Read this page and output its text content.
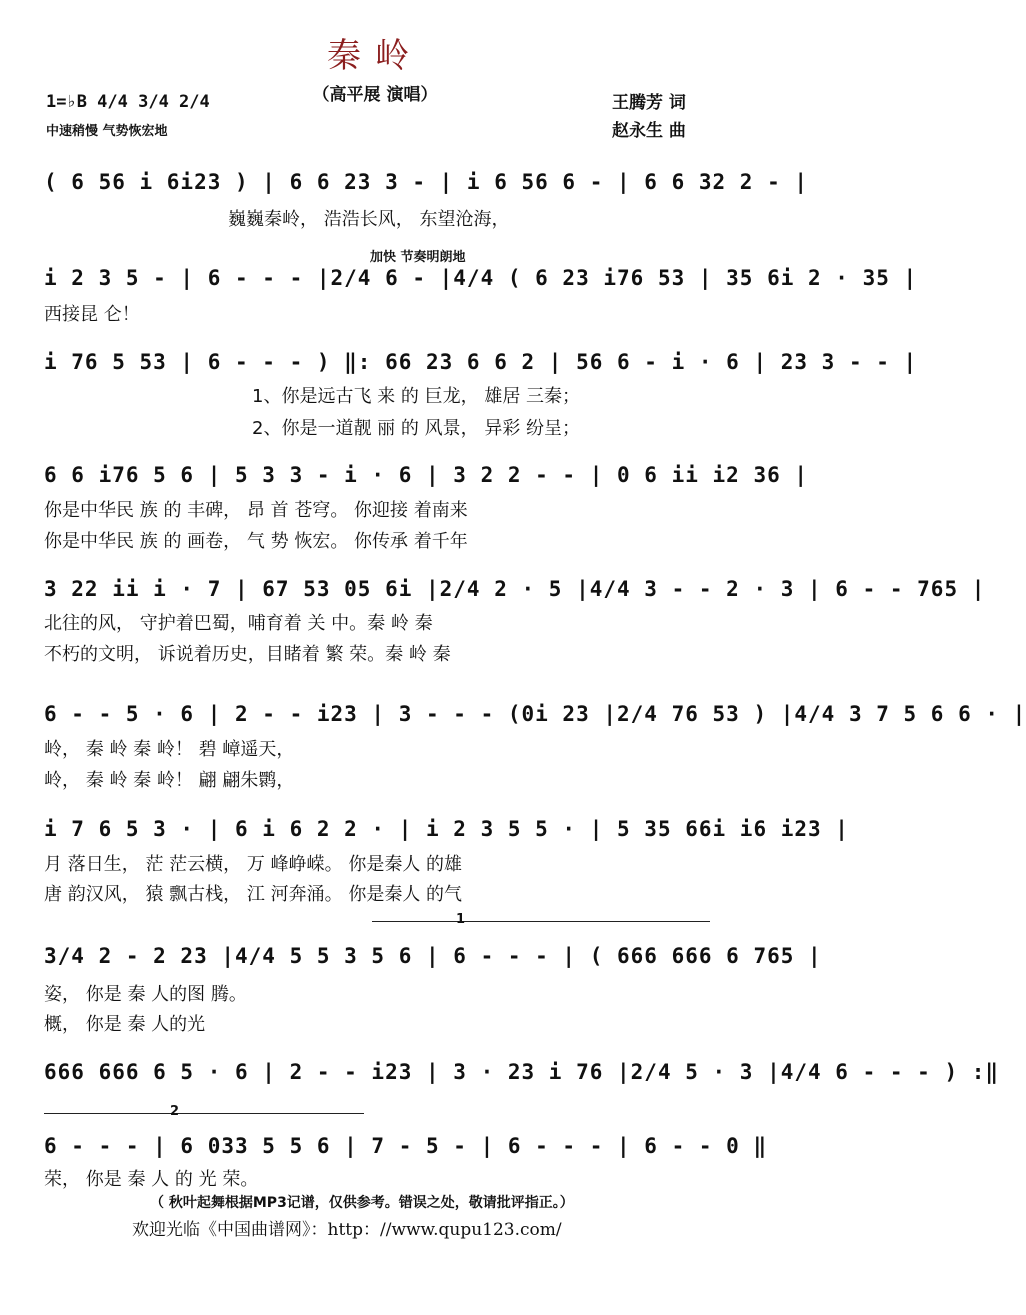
秦岭
（高平展 演唱）
1=♭B 4/4 3/4 2/4
中速稍慢 气势恢宏地
王腾芳 词
赵永生 曲
( 6 56 i 6i23 ) | 6 6 23 3 - | i 6 56 6 - | 6 6 32 2 - |
巍巍秦岭， 浩浩长风， 东望沧海，
加快 节奏明朗地
i 2 3 5 - | 6 - - - |2/4 6 - |4/4 ( 6 23 i76 53 | 35 6i 2 · 35 |
西接昆 仑！
i 76 5 53 | 6 - - - ) ‖: 66 23 6 6 2 | 56 6 - i · 6 | 23 3 - - |
1、你是远古飞 来 的 巨龙， 雄居 三秦；
2、你是一道靓 丽 的 风景， 异彩 纷呈；
6 6 i76 5 6 | 5 3 3 - i · 6 | 3 2 2 - - | 0 6 ii i2 36 |
你是中华民 族 的 丰碑， 昂 首 苍穹。 你迎接 着南来
你是中华民 族 的 画卷， 气 势 恢宏。 你传承 着千年
3 22 ii i · 7 | 67 53 05 6i |2/4 2 · 5 |4/4 3 - - 2 · 3 | 6 - - 765 |
北往的风， 守护着巴蜀，哺育着 关 中。秦 岭 秦
不朽的文明， 诉说着历史，目睹着 繁 荣。秦 岭 秦
6 - - 5 · 6 | 2 - - i23 | 3 - - - (0i 23 |2/4 76 53 ) |4/4 3 7 5 6 6 · |
岭， 秦 岭 秦 岭！ 碧 嶂遥天，
岭， 秦 岭 秦 岭！ 翩 翩朱鹮，
i 7 6 5 3 · | 6 i 6 2 2 · | i 2 3 5 5 · | 5 35 66i i6 i23 |
月 落日生， 茫 茫云横， 万 峰峥嵘。 你是秦人 的雄
唐 韵汉风， 猿 飘古栈， 江 河奔涌。 你是秦人 的气
1
3/4 2 - 2 23 |4/4 5 5 3 5 6 | 6 - - - | ( 666 666 6 765 |
姿， 你是 秦 人的图 腾。
概， 你是 秦 人的光
666 666 6 5 · 6 | 2 - - i23 | 3 · 23 i 76 |2/4 5 · 3 |4/4 6 - - - ) :‖
2
6 - - - | 6 033 5 5 6 | 7 - 5 - | 6 - - - | 6 - - 0 ‖
荣， 你是 秦 人 的 光 荣。
（ 秋叶起舞根据MP3记谱，仅供参考。错误之处，敬请批评指正。）
欢迎光临《中国曲谱网》：http：//www.qupu123.com/
